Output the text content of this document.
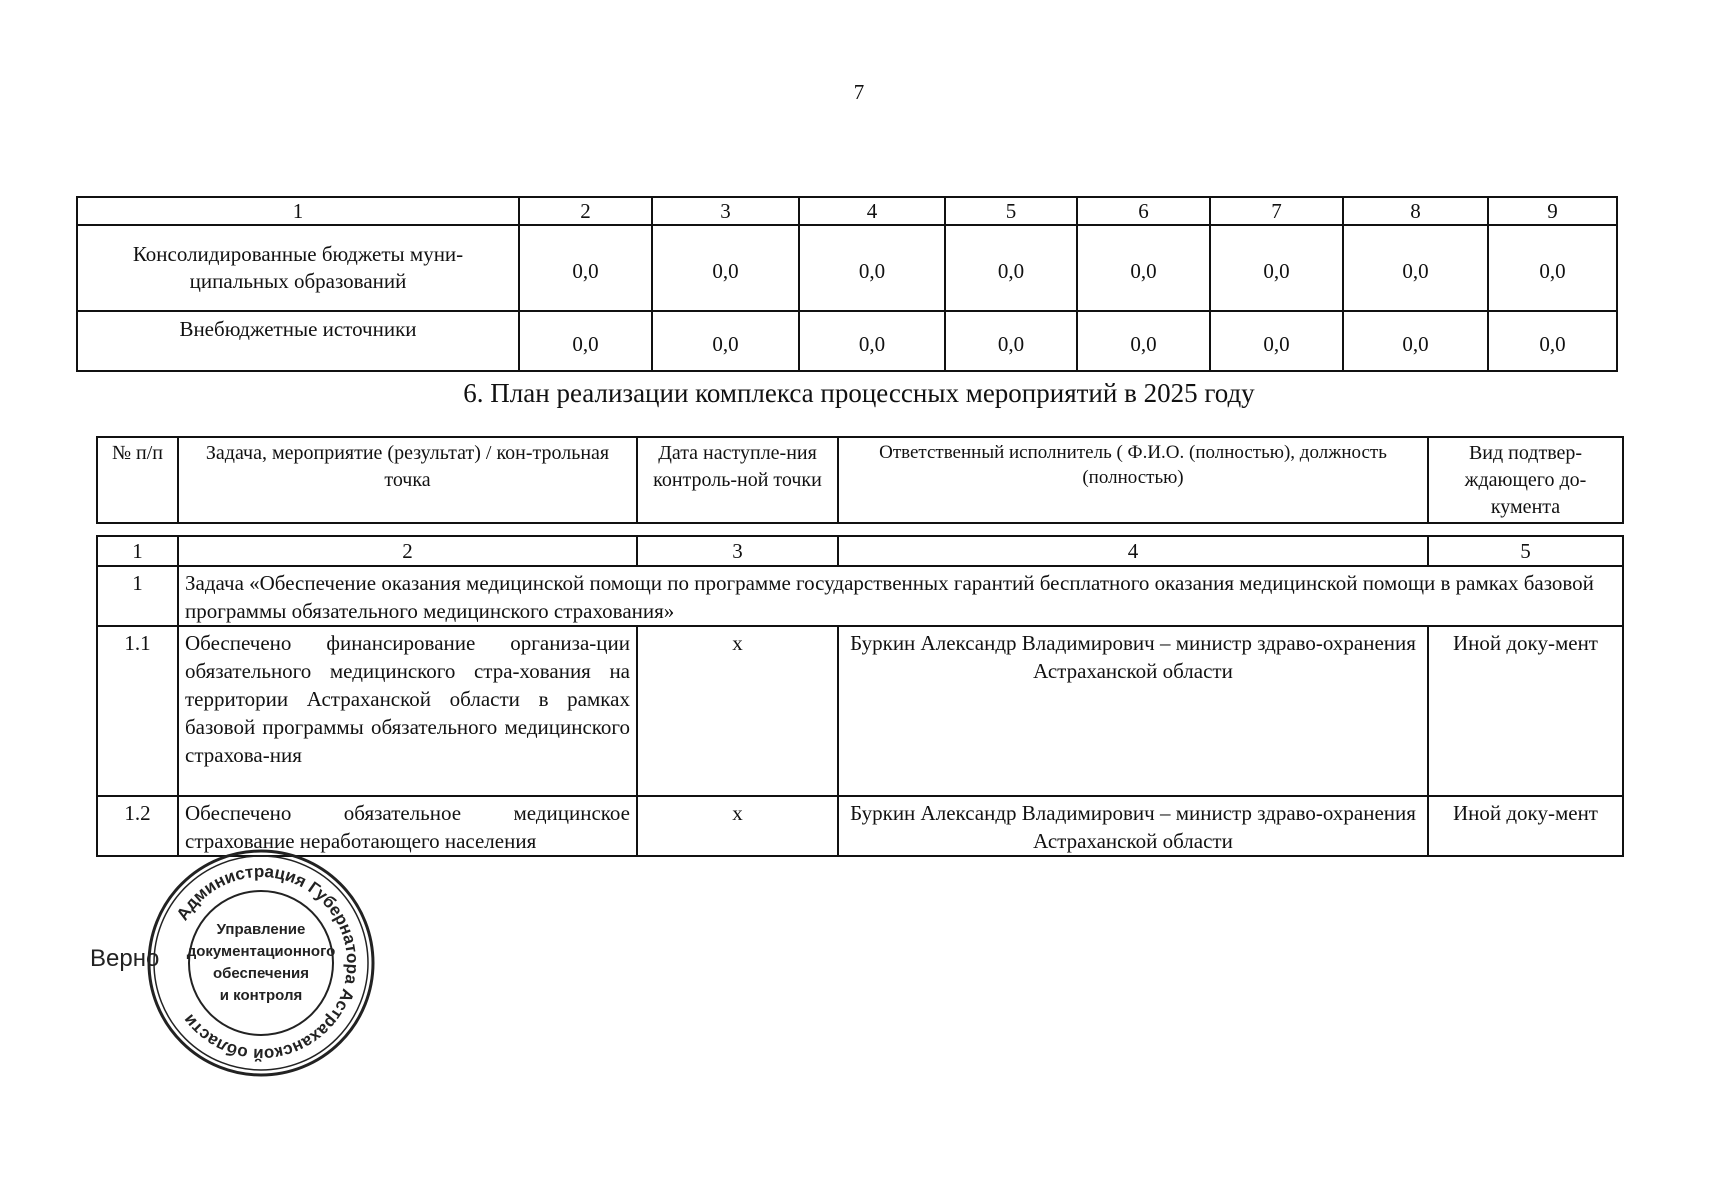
7
1	2	3	4	5	6	7	8	9
Консолидированные бюджеты муни-ципальных образований	0,0	0,0	0,0	0,0	0,0	0,0	0,0	0,0
Внебюджетные источники	0,0	0,0	0,0	0,0	0,0	0,0	0,0	0,0
6. План реализации комплекса процессных мероприятий в 2025 году
№ п/п	Задача, мероприятие (результат) / кон-трольная точка	Дата наступле-ния контроль-ной точки	Ответственный исполнитель ( Ф.И.О. (полностью), должность (полностью)	Вид подтвер-ждающего до-кумента
1	2	3	4	5
1	Задача «Обеспечение оказания медицинской помощи по программе государственных гарантий бесплатного оказания медицинской помощи в рамках базовой программы обязательного медицинского страхования»			
1.1	Обеспечено финансирование организа-ции обязательного медицинского стра-хования на территории Астраханской области в рамках базовой программы обязательного медицинского страхова-ния	x	Буркин Александр Владимирович – министр здраво-охранения Астраханской области	Иной доку-мент
1.2	Обеспечено обязательное медицинское страхование неработающего населения	x	Буркин Александр Владимирович – министр здраво-охранения Астраханской области	Иной доку-мент
Верно
Администрация Губернатора Астраханской области
Управление
документационного
обеспечения
и контроля
